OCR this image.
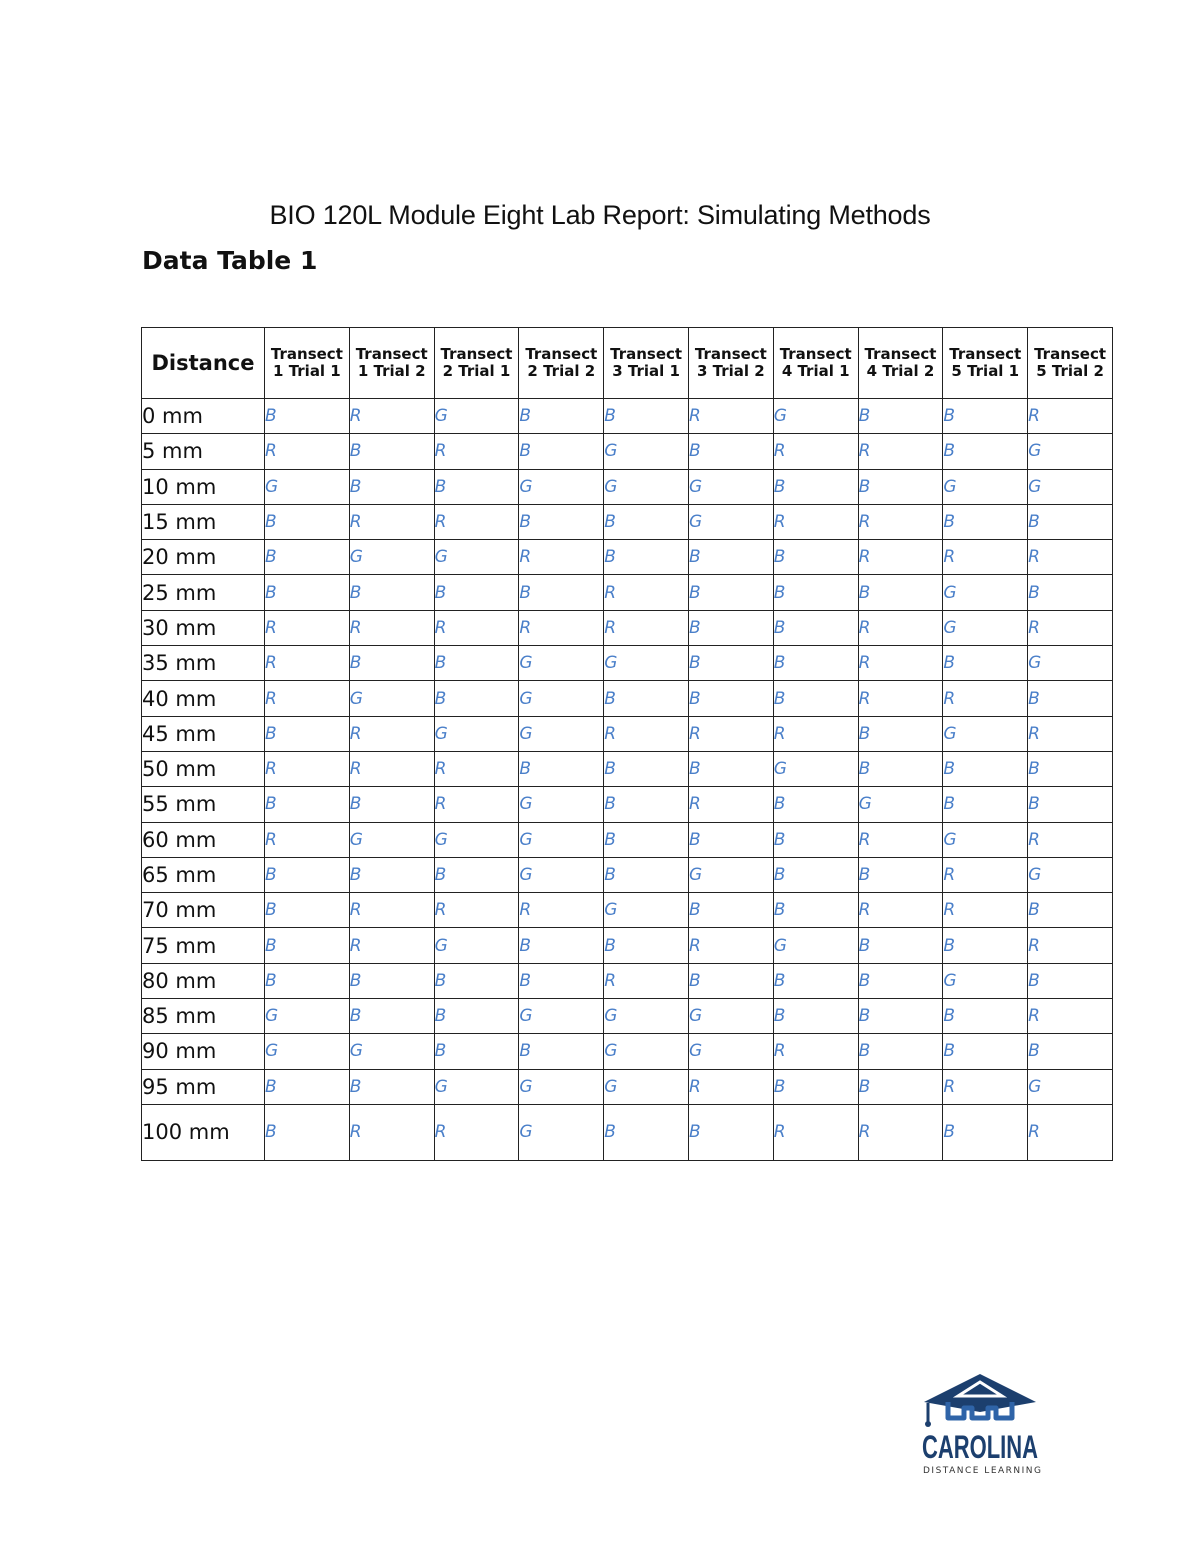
BIO 120L Module Eight Lab Report: Simulating Methods
Data Table 1
Distance	Transect 1 Trial 1	Transect 1 Trial 2	Transect 2 Trial 1	Transect 2 Trial 2	Transect 3 Trial 1	Transect 3 Trial 2	Transect 4 Trial 1	Transect 4 Trial 2	Transect 5 Trial 1	Transect 5 Trial 2
0 mm	B	R	G	B	B	R	G	B	B	R
5 mm	R	B	R	B	G	B	R	R	B	G
10 mm	G	B	B	G	G	G	B	B	G	G
15 mm	B	R	R	B	B	G	R	R	B	B
20 mm	B	G	G	R	B	B	B	R	R	R
25 mm	B	B	B	B	R	B	B	B	G	B
30 mm	R	R	R	R	R	B	B	R	G	R
35 mm	R	B	B	G	G	B	B	R	B	G
40 mm	R	G	B	G	B	B	B	R	R	B
45 mm	B	R	G	G	R	R	R	B	G	R
50 mm	R	R	R	B	B	B	G	B	B	B
55 mm	B	B	R	G	B	R	B	G	B	B
60 mm	R	G	G	G	B	B	B	R	G	R
65 mm	B	B	B	G	B	G	B	B	R	G
70 mm	B	R	R	R	G	B	B	R	R	B
75 mm	B	R	G	B	B	R	G	B	B	R
80 mm	B	B	B	B	R	B	B	B	G	B
85 mm	G	B	B	G	G	G	B	B	B	R
90 mm	G	G	B	B	G	G	R	B	B	B
95 mm	B	B	G	G	G	R	B	B	R	G
100 mm	B	R	R	G	B	B	R	R	B	R
CAROLINA
DISTANCE LEARNING
